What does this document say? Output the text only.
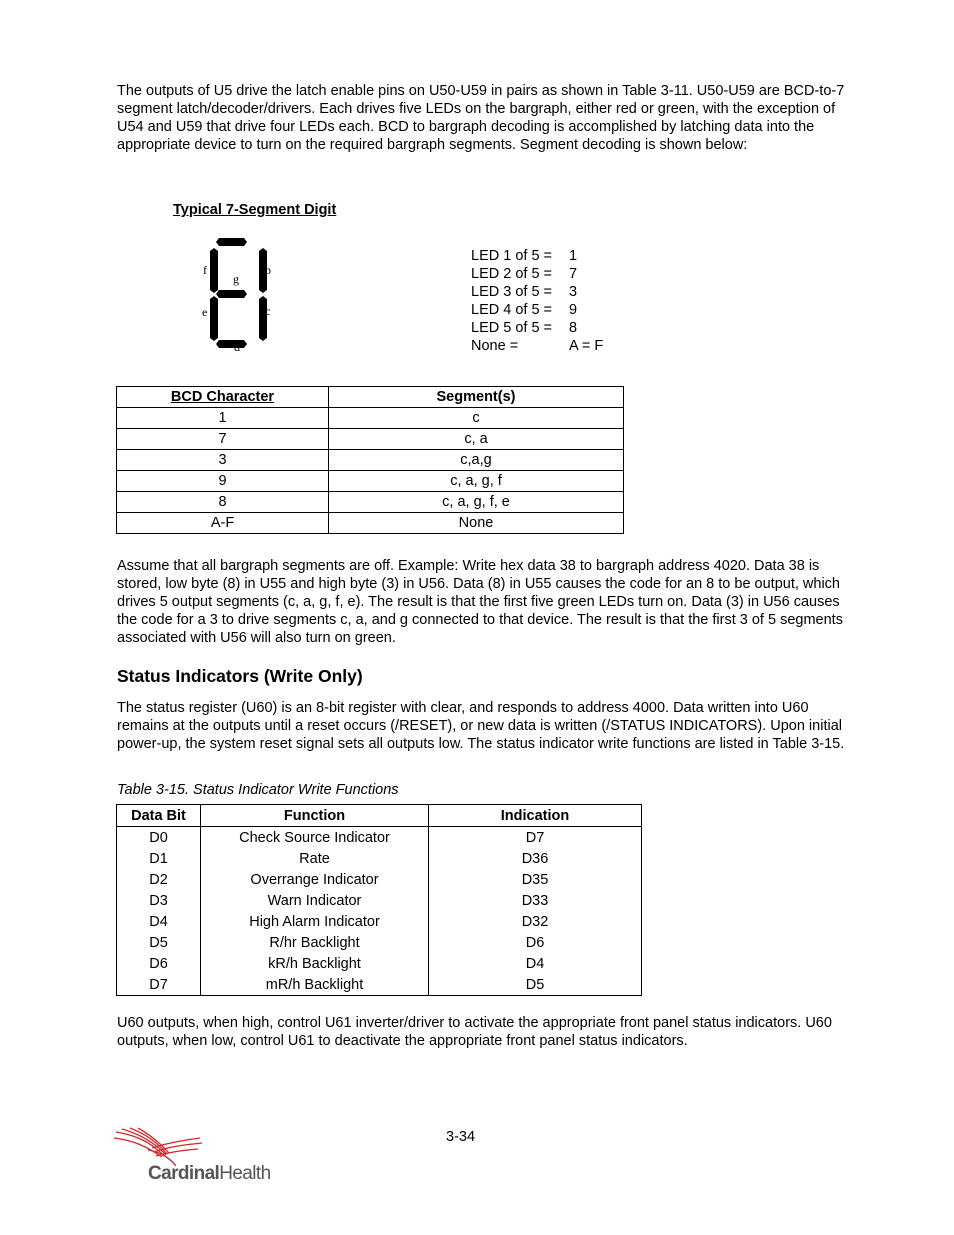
The outputs of U5 drive the latch enable pins on U50-U59 in pairs as shown in Table 3-11. U50-U59 are BCD-to-7 segment latch/decoder/drivers. Each drives five LEDs on the bargraph, either red or green, with the exception of U54 and U59 that drive four LEDs each. BCD to bargraph decoding is accomplished by latching data into the appropriate device to turn on the required bargraph segments. Segment decoding is shown below:

Typical 7-Segment Digit
a
b
c
d
e
f
g
LED 1 of 5 =	1
LED 2 of 5 =	7
LED 3 of 5 =	3
LED 4 of 5 =	9
LED 5 of 5 =	8
None =	A = F
BCD Character	Segment(s)
1	c
7	c, a
3	c,a,g
9	c, a, g, f
8	c, a, g, f, e
A-F	None

Assume that all bargraph segments are off. Example: Write hex data 38 to bargraph address 4020. Data 38 is stored, low byte (8) in U55 and high byte (3) in U56. Data (8) in U55 causes the code for an 8 to be output, which drives 5 output segments (c, a, g, f, e). The result is that the first five green LEDs turn on. Data (3) in U56 causes the code for a 3 to drive segments c, a, and g connected to that device. The result is that the first 3 of 5 segments associated with U56 will also turn on green.

Status Indicators (Write Only)

The status register (U60) is an 8-bit register with clear, and responds to address 4000. Data written into U60 remains at the outputs until a reset occurs (/RESET), or new data is written (/STATUS INDICATORS). Upon initial power-up, the system reset signal sets all outputs low. The status indicator write functions are listed in Table 3-15.

Table 3-15. Status Indicator Write Functions
Data Bit	Function	Indication
D0	Check Source Indicator	D7
D1	Rate	D36
D2	Overrange Indicator	D35
D3	Warn Indicator	D33
D4	High Alarm Indicator	D32
D5	R/hr Backlight	D6
D6	kR/h Backlight	D4
D7	mR/h Backlight	D5

U60 outputs, when high, control U61 inverter/driver to activate the appropriate front panel status indicators. U60 outputs, when low, control U61 to deactivate the appropriate front panel status indicators.

3-34
CardinalHealth
